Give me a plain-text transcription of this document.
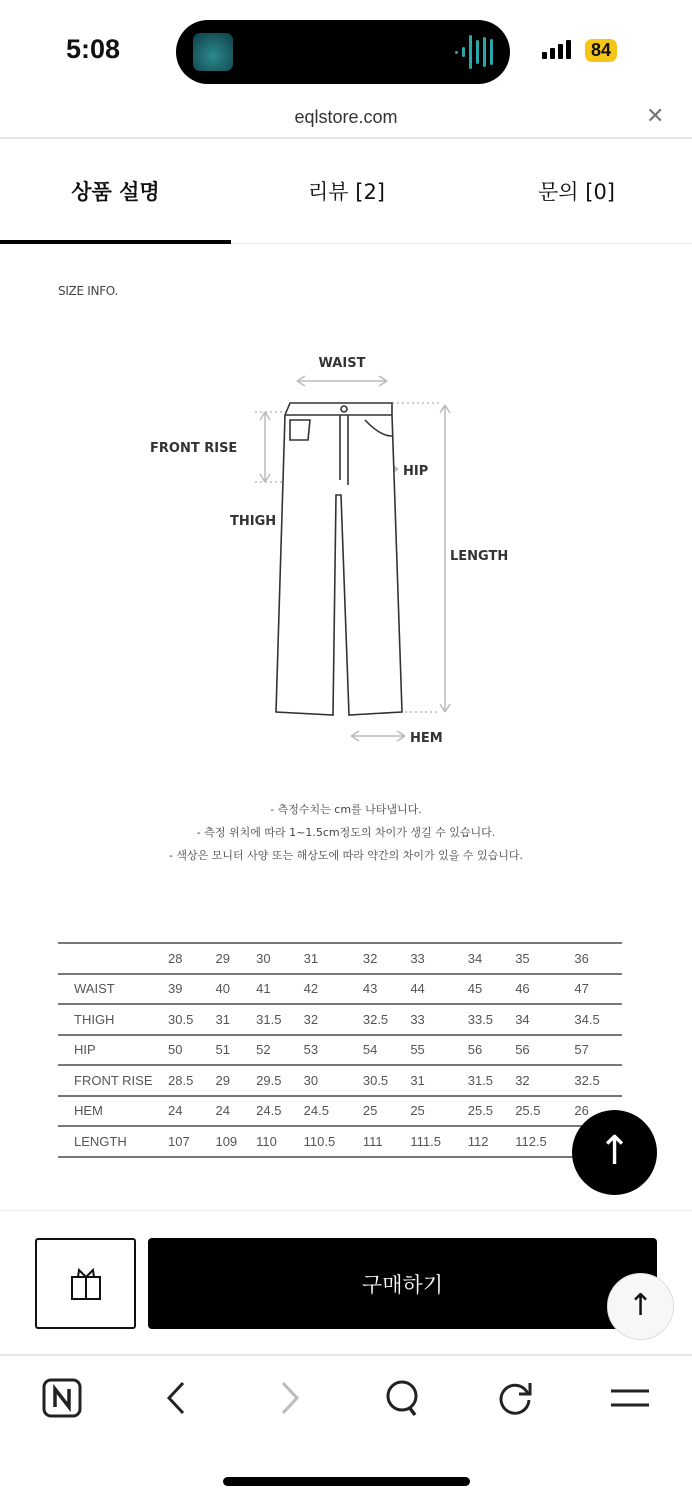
5:08	84
eqlstore.com	✕
상품 설명	리뷰 [2]	문의 [0]
SIZE INFO.
WAIST
FRONT RISE
HIP
THIGH
LENGTH
HEM
- 측정수치는 cm를 나타냅니다.
- 측정 위치에 따라 1~1.5cm정도의 차이가 생길 수 있습니다.
- 색상은 모니터 사양 또는 해상도에 따라 약간의 차이가 있을 수 있습니다.
	28	29	30	31	32	33	34	35	36
WAIST	39	40	41	42	43	44	45	46	47
THIGH	30.5	31	31.5	32	32.5	33	33.5	34	34.5
HIP	50	51	52	53	54	55	56	56	57
FRONT RISE	28.5	29	29.5	30	30.5	31	31.5	32	32.5
HEM	24	24	24.5	24.5	25	25	25.5	25.5	26
LENGTH	107	109	110	110.5	111	111.5	112	112.5		↑
구매하기
↑
